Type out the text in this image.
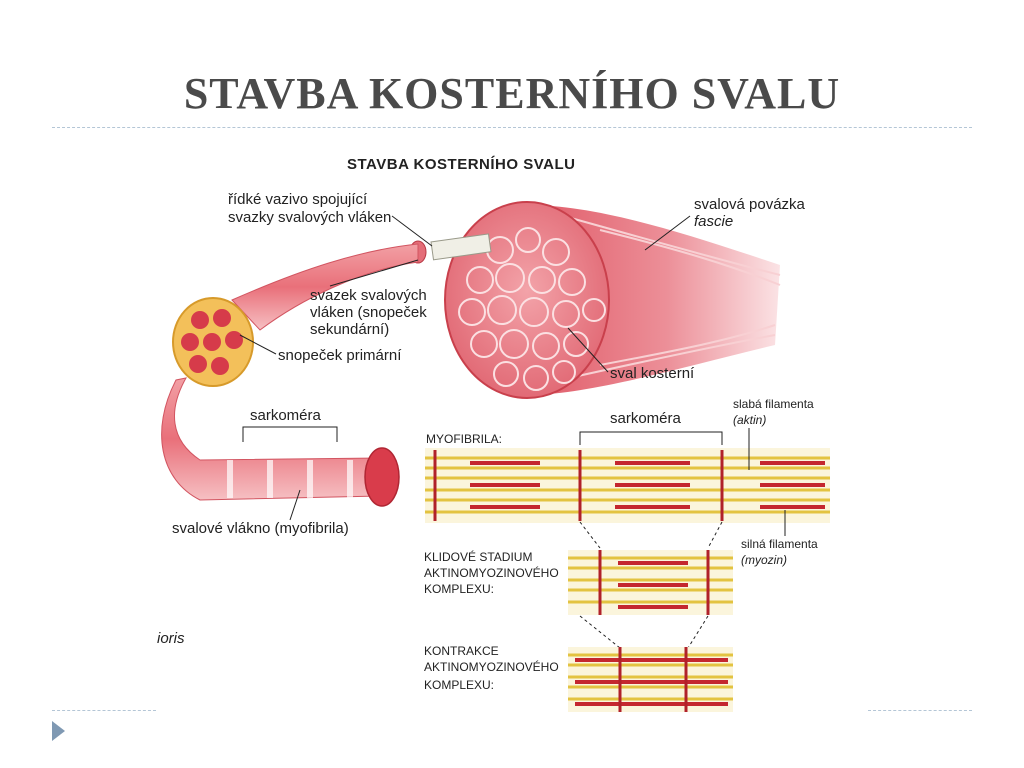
STAVBA KOSTERNÍHO SVALU
STAVBA KOSTERNÍHO SVALU
řídké vazivo spojující
svazky svalových vláken
svalová povázka
fascie
svazek svalových
vláken (snopeček
sekundární)
snopeček primární
sval kosterní
sarkoméra
svalové vlákno (myofibrila)
ioris
MYOFIBRILA:
sarkoméra
slabá filamenta
(aktin)
silná filamenta
(myozin)
KLIDOVÉ STADIUM
AKTINOMYOZINOVÉHO
KOMPLEXU:
KONTRAKCE
AKTINOMYOZINOVÉHO
KOMPLEXU:
